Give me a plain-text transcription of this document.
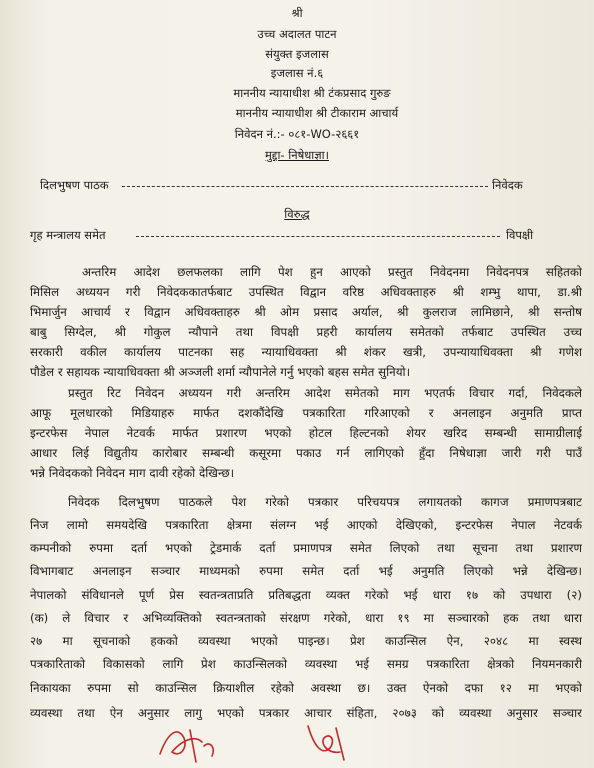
श्री
उच्च अदालत पाटन
संयुक्त इजलास
इजलास नं.६
माननीय न्यायाधीश श्री टंकप्रसाद गुरुङ
माननीय न्यायाधीश श्री टीकाराम आचार्य
निवेदन नं.:- ०८१-WO-२६६१
मुद्दा- निषेधाज्ञा।
दिलभुषण पाठक	निवेदक
विरुद्ध
गृह मन्त्रालय समेत	विपक्षी
अन्तरिम आदेश छलफलका लागि पेश हुन आएको प्रस्तुत निवेदनमा निवेदनपत्र सहितको
मिसिल अध्ययन गरी निवेदककातर्फबाट उपस्थित विद्वान वरिष्ठ अधिवक्ताहरु श्री शम्भु थापा, डा.श्री
भिमार्जुन आचार्य र विद्वान अधिवक्ताहरु श्री ओम प्रसाद अर्याल, श्री कुलराज लामिछाने, श्री सन्तोष
बाबु सिग्देल, श्री गोकुल न्यौपाने तथा विपक्षी प्रहरी कार्यालय समेतको तर्फबाट उपस्थित उच्च
सरकारी वकील कार्यालय पाटनका सह न्यायाधिवक्ता श्री शंकर खत्री, उपन्यायाधिवक्ता श्री गणेश
पौडेल र सहायक न्यायाधिवक्ता श्री अञ्जली शर्मा न्यौपानेले गर्नु भएको बहस समेत सुनियो।
प्रस्तुत रिट निवेदन अध्ययन गरी अन्तरिम आदेश समेतको माग भएतर्फ विचार गर्दा, निवेदकले
आफू मूलधारको मिडियाहरु मार्फत दशकौंदेखि पत्रकारिता गरिआएको र अनलाइन अनुमति प्राप्त
इन्टरफेस नेपाल नेटवर्क मार्फत प्रशारण भएको होटल हिल्टनको शेयर खरिद सम्बन्धी सामाग्रीलाई
आधार लिई विद्युतीय कारोबार सम्बन्धी कसूरमा पकाउ गर्न लागिएको हुँदा निषेधाज्ञा जारी गरी पाउँ
भन्ने निवेदकको निवेदन माग दावी रहेको देखिन्छ।
निवेदक दिलभुषण पाठकले पेश गरेको पत्रकार परिचयपत्र लगायतको कागज प्रमाणपत्रबाट
निज लामो समयदेखि पत्रकारिता क्षेत्रमा संलग्न भई आएको देखिएको, इन्टरफेस नेपाल नेटवर्क
कम्पनीको रुपमा दर्ता भएको ट्रेडमार्क दर्ता प्रमाणपत्र समेत लिएको तथा सूचना तथा प्रशारण
विभागबाट अनलाइन सञ्चार माध्यमको रुपमा समेत दर्ता भई अनुमति लिएको भन्ने देखिन्छ।
नेपालको संविधानले पूर्ण प्रेस स्वतन्त्रताप्रति प्रतिबद्धता व्यक्त गरेको भई धारा १७ को उपधारा (२)
(क) ले विचार र अभिव्यक्तिको स्वतन्त्रताको संरक्षण गरेको, धारा १९ मा सञ्चारको हक तथा धारा
२७ मा सूचनाको हकको व्यवस्था भएको पाइन्छ। प्रेश काउन्सिल ऐन, २०४८ मा स्वस्थ
पत्रकारिताको विकासको लागि प्रेश काउन्सिलको व्यवस्था भई समग्र पत्रकारिता क्षेत्रको नियमनकारी
निकायका रुपमा सो काउन्सिल क्रियाशील रहेको अवस्था छ। उक्त ऐनको दफा १२ मा भएको
व्यवस्था तथा ऐन अनुसार लागु भएको पत्रकार आचार संहिता, २०७३ को व्यवस्था अनुसार सञ्चार
